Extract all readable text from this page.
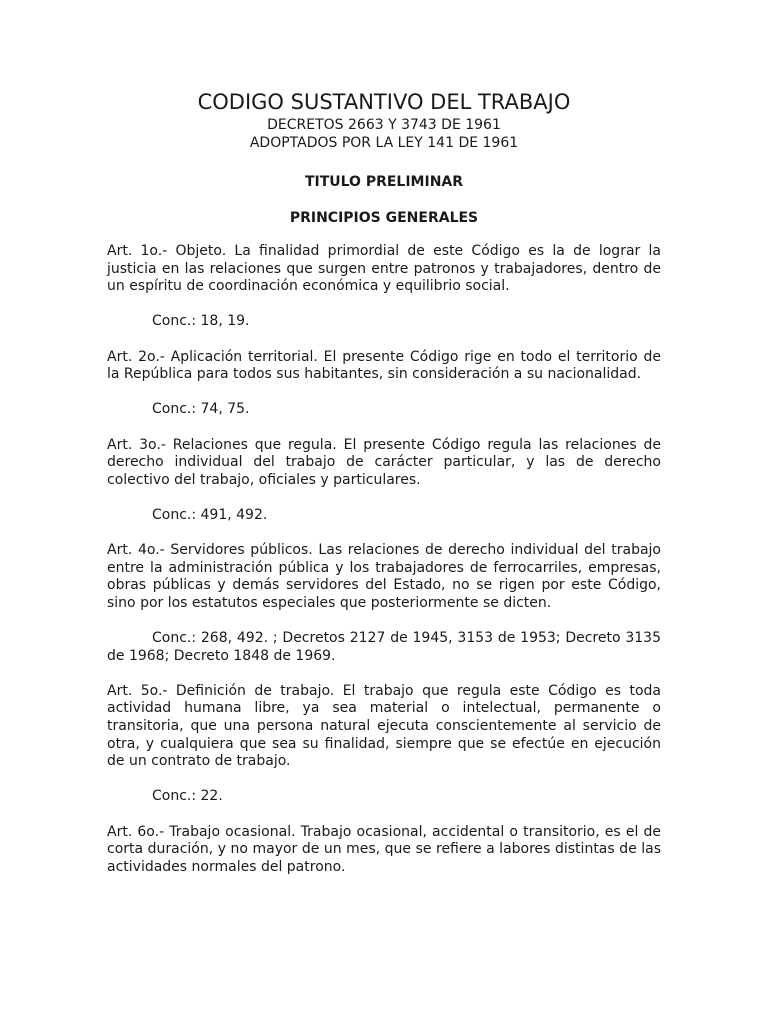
CODIGO SUSTANTIVO DEL TRABAJO

DECRETOS 2663 Y 3743 DE 1961

ADOPTADOS POR LA LEY 141 DE 1961

TITULO PRELIMINAR

PRINCIPIOS GENERALES

Art. 1o.- Objeto. La finalidad primordial de este Código es la de lograr la justicia en las relaciones que surgen entre patronos y trabajadores, dentro de un espíritu de coordinación económica y equilibrio social.

Conc.: 18, 19.

Art. 2o.- Aplicación territorial. El presente Código rige en todo el territorio de la República para todos sus habitantes, sin consideración a su nacionalidad.

Conc.: 74, 75.

Art. 3o.- Relaciones que regula. El presente Código regula las relaciones de derecho individual del trabajo de carácter particular, y las de derecho colectivo del trabajo, oficiales y particulares.

Conc.: 491, 492.

Art. 4o.- Servidores públicos. Las relaciones de derecho individual del trabajo entre la administración pública y los trabajadores de ferrocarriles, empresas, obras públicas y demás servidores del Estado, no se rigen por este Código, sino por los estatutos especiales que posteriormente se dicten.

Conc.: 268, 492. ; Decretos 2127 de 1945, 3153 de 1953; Decreto 3135 de 1968; Decreto 1848 de 1969.

Art. 5o.- Definición de trabajo. El trabajo que regula este Código es toda actividad humana libre, ya sea material o intelectual, permanente o transitoria, que una persona natural ejecuta conscientemente al servicio de otra, y cualquiera que sea su finalidad, siempre que se efectúe en ejecución de un contrato de trabajo.

Conc.: 22.

Art. 6o.- Trabajo ocasional. Trabajo ocasional, accidental o transitorio, es el de corta duración, y no mayor de un mes, que se refiere a labores distintas de las actividades normales del patrono.
